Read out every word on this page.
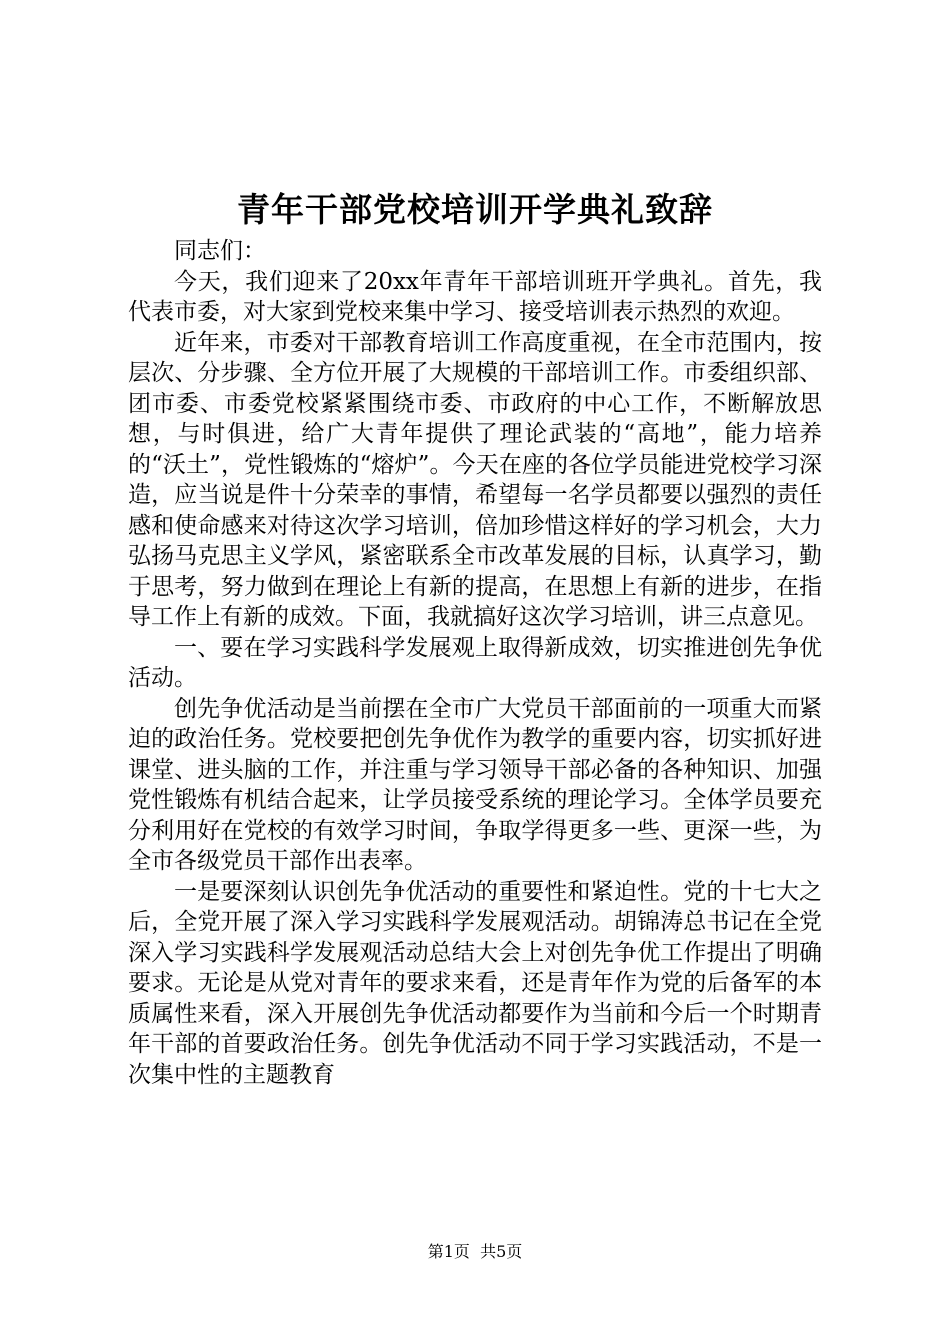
青年干部党校培训开学典礼致辞

同志们：

今天，我们迎来了20xx年青年干部培训班开学典礼。首先，我代表市委，对大家到党校来集中学习、接受培训表示热烈的欢迎。

近年来，市委对干部教育培训工作高度重视，在全市范围内，按层次、分步骤、全方位开展了大规模的干部培训工作。市委组织部、团市委、市委党校紧紧围绕市委、市政府的中心工作，不断解放思想，与时俱进，给广大青年提供了理论武装的“高地”，能力培养的“沃土”，党性锻炼的“熔炉”。今天在座的各位学员能进党校学习深造，应当说是件十分荣幸的事情，希望每一名学员都要以强烈的责任感和使命感来对待这次学习培训，倍加珍惜这样好的学习机会，大力弘扬马克思主义学风，紧密联系全市改革发展的目标，认真学习，勤于思考，努力做到在理论上有新的提高，在思想上有新的进步，在指导工作上有新的成效。下面，我就搞好这次学习培训，讲三点意见。

一、要在学习实践科学发展观上取得新成效，切实推进创先争优活动。

创先争优活动是当前摆在全市广大党员干部面前的一项重大而紧迫的政治任务。党校要把创先争优作为教学的重要内容，切实抓好进课堂、进头脑的工作，并注重与学习领导干部必备的各种知识、加强党性锻炼有机结合起来，让学员接受系统的理论学习。全体学员要充分利用好在党校的有效学习时间，争取学得更多一些、更深一些，为全市各级党员干部作出表率。

一是要深刻认识创先争优活动的重要性和紧迫性。党的十七大之后，全党开展了深入学习实践科学发展观活动。胡锦涛总书记在全党深入学习实践科学发展观活动总结大会上对创先争优工作提出了明确要求。无论是从党对青年的要求来看，还是青年作为党的后备军的本质属性来看，深入开展创先争优活动都要作为当前和今后一个时期青年干部的首要政治任务。创先争优活动不同于学习实践活动，不是一次集中性的主题教育

第1页  共5页
